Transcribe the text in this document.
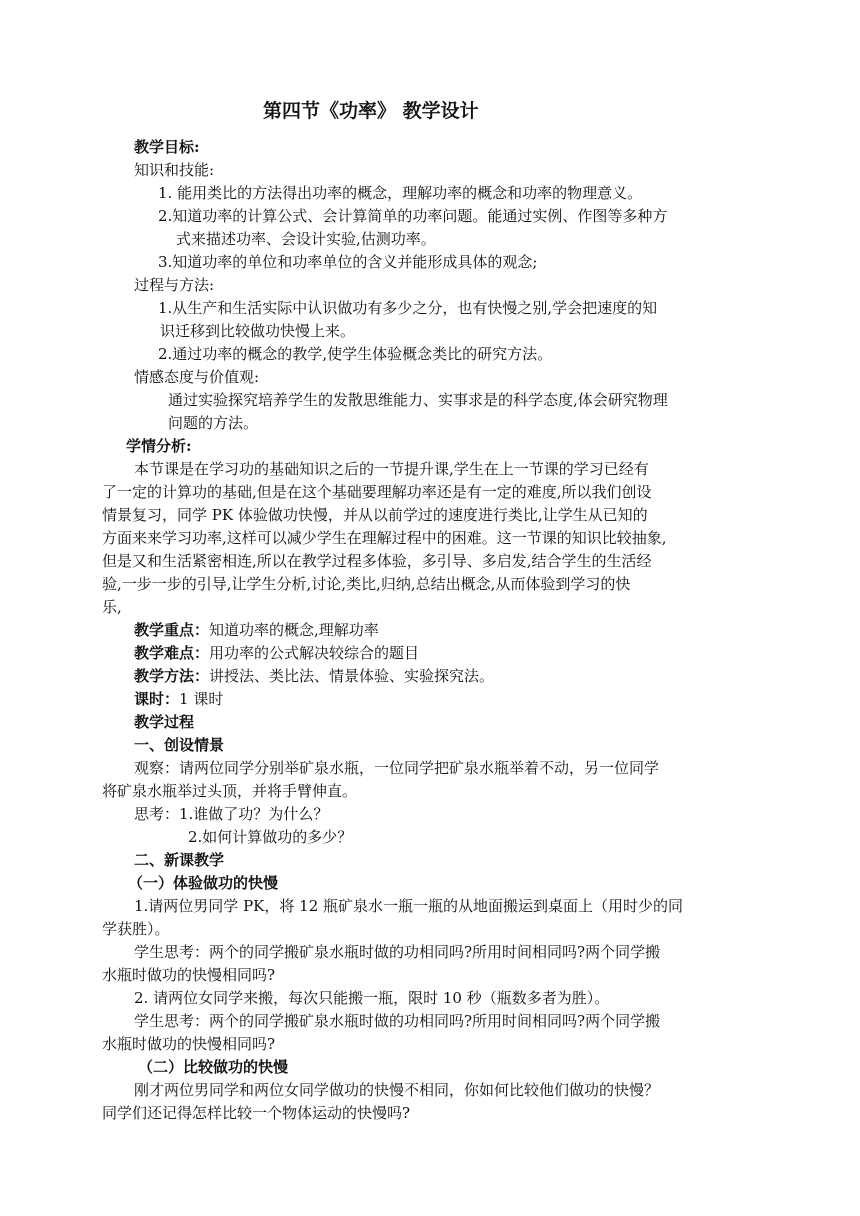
第四节《功率》 教学设计
教学目标:
知识和技能:
1. 能用类比的方法得出功率的概念，理解功率的概念和功率的物理意义。
2.知道功率的计算公式、会计算简单的功率问题。能通过实例、作图等多种方
式来描述功率、会设计实验,估测功率。
3.知道功率的单位和功率单位的含义并能形成具体的观念;
过程与方法:
1.从生产和生活实际中认识做功有多少之分，也有快慢之别,学会把速度的知
识迁移到比较做功快慢上来。
2.通过功率的概念的教学,使学生体验概念类比的研究方法。
情感态度与价值观:
通过实验探究培养学生的发散思维能力、实事求是的科学态度,体会研究物理
问题的方法。
学情分析:
本节课是在学习功的基础知识之后的一节提升课,学生在上一节课的学习已经有
了一定的计算功的基础,但是在这个基础要理解功率还是有一定的难度,所以我们创设
情景复习，同学 PK 体验做功快慢，并从以前学过的速度进行类比,让学生从已知的
方面来来学习功率,这样可以减少学生在理解过程中的困难。这一节课的知识比较抽象,
但是又和生活紧密相连,所以在教学过程多体验，多引导、多启发,结合学生的生活经
验,一步一步的引导,让学生分析,讨论,类比,归纳,总结出概念,从而体验到学习的快
乐,
教学重点：知道功率的概念,理解功率
教学难点：用功率的公式解决较综合的题目
教学方法：讲授法、类比法、情景体验、实验探究法。
课时：1 课时
教学过程
一、创设情景
观察：请两位同学分别举矿泉水瓶，一位同学把矿泉水瓶举着不动，另一位同学
将矿泉水瓶举过头顶，并将手臂伸直。
思考：1.谁做了功？为什么？
2.如何计算做功的多少？
二、新课教学
（一）体验做功的快慢
1.请两位男同学 PK，将 12 瓶矿泉水一瓶一瓶的从地面搬运到桌面上（用时少的同
学获胜）。
学生思考：两个的同学搬矿泉水瓶时做的功相同吗?所用时间相同吗?两个同学搬
水瓶时做功的快慢相同吗?
2. 请两位女同学来搬，每次只能搬一瓶，限时 10 秒（瓶数多者为胜）。
学生思考：两个的同学搬矿泉水瓶时做的功相同吗?所用时间相同吗?两个同学搬
水瓶时做功的快慢相同吗?
（二）比较做功的快慢
刚才两位男同学和两位女同学做功的快慢不相同，你如何比较他们做功的快慢？
同学们还记得怎样比较一个物体运动的快慢吗?
